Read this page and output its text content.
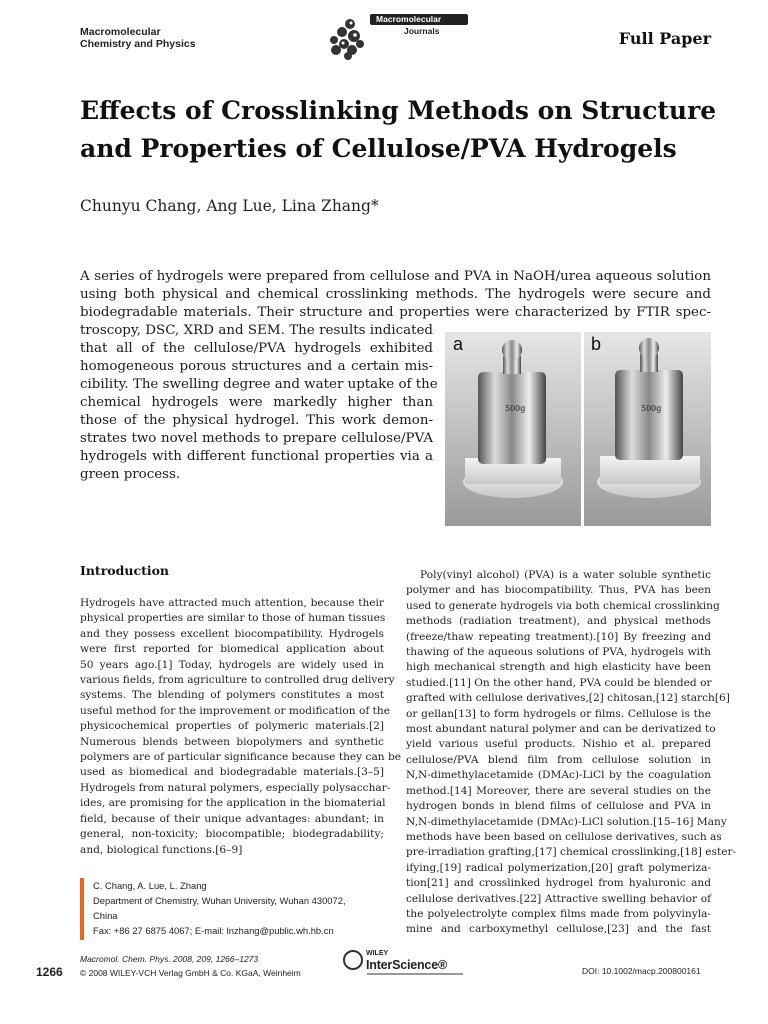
Macromolecular
Chemistry and Physics
Macromolecular
Journals	Full Paper
Effects of Crosslinking Methods on Structure
and Properties of Cellulose/PVA Hydrogels
Chunyu Chang, Ang Lue, Lina Zhang*
A series of hydrogels were prepared from cellulose and PVA in NaOH/urea aqueous solution
using both physical and chemical crosslinking methods. The hydrogels were secure and
biodegradable materials. Their structure and properties were characterized by FTIR spec-
troscopy, DSC, XRD and SEM. The results indicated
that all of the cellulose/PVA hydrogels exhibited
homogeneous porous structures and a certain mis-
cibility. The swelling degree and water uptake of the
chemical hydrogels were markedly higher than
those of the physical hydrogel. This work demon-
strates two novel methods to prepare cellulose/PVA
hydrogels with different functional properties via a
green process.
a	b
500g	500g
Introduction
Hydrogels have attracted much attention, because their
physical properties are similar to those of human tissues
and they possess excellent biocompatibility. Hydrogels
were first reported for biomedical application about
50 years ago.[1] Today, hydrogels are widely used in
various fields, from agriculture to controlled drug delivery
systems. The blending of polymers constitutes a most
useful method for the improvement or modification of the
physicochemical properties of polymeric materials.[2]
Numerous blends between biopolymers and synthetic
polymers are of particular significance because they can be
used as biomedical and biodegradable materials.[3–5]
Hydrogels from natural polymers, especially polysacchar-
ides, are promising for the application in the biomaterial
field, because of their unique advantages: abundant; in
general, non-toxicity; biocompatible; biodegradability;
and, biological functions.[6–9]
Poly(vinyl alcohol) (PVA) is a water soluble synthetic
polymer and has biocompatibility. Thus, PVA has been
used to generate hydrogels via both chemical crosslinking
methods (radiation treatment), and physical methods
(freeze/thaw repeating treatment).[10] By freezing and
thawing of the aqueous solutions of PVA, hydrogels with
high mechanical strength and high elasticity have been
studied.[11] On the other hand, PVA could be blended or
grafted with cellulose derivatives,[2] chitosan,[12] starch[6]
or gellan[13] to form hydrogels or films. Cellulose is the
most abundant natural polymer and can be derivatized to
yield various useful products. Nishio et al. prepared
cellulose/PVA blend film from cellulose solution in
N,N-dimethylacetamide (DMAc)-LiCl by the coagulation
method.[14] Moreover, there are several studies on the
hydrogen bonds in blend films of cellulose and PVA in
N,N-dimethylacetamide (DMAc)-LiCl solution.[15–16] Many
methods have been based on cellulose derivatives, such as
pre-irradiation grafting,[17] chemical crosslinking,[18] ester-
ifying,[19] radical polymerization,[20] graft polymeriza-
tion[21] and crosslinked hydrogel from hyaluronic and
cellulose derivatives.[22] Attractive swelling behavior of
the polyelectrolyte complex films made from polyvinyla-
mine and carboxymethyl cellulose,[23] and the fast
C. Chang, A. Lue, L. Zhang
Department of Chemistry, Wuhan University, Wuhan 430072,
China
Fax: +86 27 6875 4067; E-mail: lnzhang@public.wh.hb.cn
1266
Macromol. Chem. Phys. 2008, 209, 1266–1273
© 2008 WILEY-VCH Verlag GmbH & Co. KGaA, Weinheim
WILEY
InterScience®	DOI: 10.1002/macp.200800161
